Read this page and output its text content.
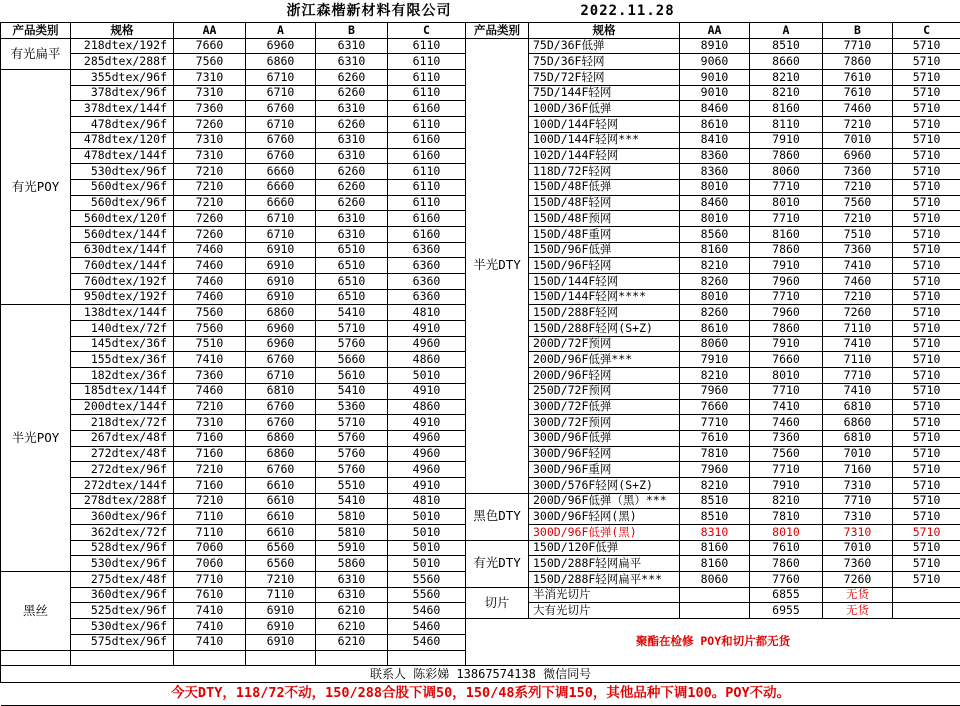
浙江森楷新材料有限公司 2022.11.28											
产品类别	规格	AA	A	B	C	产品类别	规格	AA	A	B	C
有光扁平	218dtex/192f	7660	6960	6310	6110	半光DTY	75D/36F低弹	8910	8510	7710	5710
	285dtex/288f	7560	6860	6310	6110		75D/36F轻网	9060	8660	7860	5710
有光POY	355dtex/96f	7310	6710	6260	6110		75D/72F轻网	9010	8210	7610	5710
	378dtex/96f	7310	6710	6260	6110		75D/144F轻网	9010	8210	7610	5710
	378dtex/144f	7360	6760	6310	6160		100D/36F低弹	8460	8160	7460	5710
	478dtex/96f	7260	6710	6260	6110		100D/144F轻网	8610	8110	7210	5710
	478dtex/120f	7310	6760	6310	6160		100D/144F轻网***	8410	7910	7010	5710
	478dtex/144f	7310	6760	6310	6160		102D/144F轻网	8360	7860	6960	5710
	530dtex/96f	7210	6660	6260	6110		118D/72F轻网	8360	8060	7360	5710
	560dtex/96f	7210	6660	6260	6110		150D/48F低弹	8010	7710	7210	5710
	560dtex/96f	7210	6660	6260	6110		150D/48F轻网	8460	8010	7560	5710
	560dtex/120f	7260	6710	6310	6160		150D/48F预网	8010	7710	7210	5710
	560dtex/144f	7260	6710	6310	6160		150D/48F重网	8560	8160	7510	5710
	630dtex/144f	7460	6910	6510	6360		150D/96F低弹	8160	7860	7360	5710
	760dtex/144f	7460	6910	6510	6360		150D/96F轻网	8210	7910	7410	5710
	760dtex/192f	7460	6910	6510	6360		150D/144F轻网	8260	7960	7460	5710
	950dtex/192f	7460	6910	6510	6360		150D/144F轻网****	8010	7710	7210	5710
半光POY	138dtex/144f	7560	6860	5410	4810		150D/288F轻网	8260	7960	7260	5710
	140dtex/72f	7560	6960	5710	4910		150D/288F轻网(S+Z)	8610	7860	7110	5710
	145dtex/36f	7510	6960	5760	4960		200D/72F预网	8060	7910	7410	5710
	155dtex/36f	7410	6760	5660	4860		200D/96F低弹***	7910	7660	7110	5710
	182dtex/36f	7360	6710	5610	5010		200D/96F轻网	8210	8010	7710	5710
	185dtex/144f	7460	6810	5410	4910		250D/72F预网	7960	7710	7410	5710
	200dtex/144f	7210	6760	5360	4860		300D/72F低弹	7660	7410	6810	5710
	218dtex/72f	7310	6760	5710	4910		300D/72F预网	7710	7460	6860	5710
	267dtex/48f	7160	6860	5760	4960		300D/96F低弹	7610	7360	6810	5710
	272dtex/48f	7160	6860	5760	4960		300D/96F轻网	7810	7560	7010	5710
	272dtex/96f	7210	6760	5760	4960		300D/96F重网	7960	7710	7160	5710
	272dtex/144f	7160	6610	5510	4910		300D/576F轻网(S+Z)	8210	7910	7310	5710
	278dtex/288f	7210	6610	5410	4810	黑色DTY	200D/96F低弹（黑）***	8510	8210	7710	5710
	360dtex/96f	7110	6610	5810	5010		300D/96F轻网(黑)	8510	7810	7310	5710
	362dtex/72f	7110	6610	5810	5010		300D/96F低弹(黑)	8310	8010	7310	5710
	528dtex/96f	7060	6560	5910	5010	有光DTY	150D/120F低弹	8160	7610	7010	5710
	530dtex/96f	7060	6560	5860	5010		150D/288F轻网扁平	8160	7860	7360	5710
黑丝	275dtex/48f	7710	7210	6310	5560		150D/288F轻网扁平***	8060	7760	7260	5710
	360dtex/96f	7610	7110	6310	5560	切片	半消光切片		6855	无货	
	525dtex/96f	7410	6910	6210	5460		大有光切片		6955	无货	
	530dtex/96f	7410	6910	6210	5460	聚酯在检修 POY和切片都无货					
	575dtex/96f	7410	6910	6210	5460						

联系人 陈彩娣 13867574138 微信同号											
今天DTY，118/72不动，150/288合股下调50，150/48系列下调150，其他品种下调100。POY不动。											
